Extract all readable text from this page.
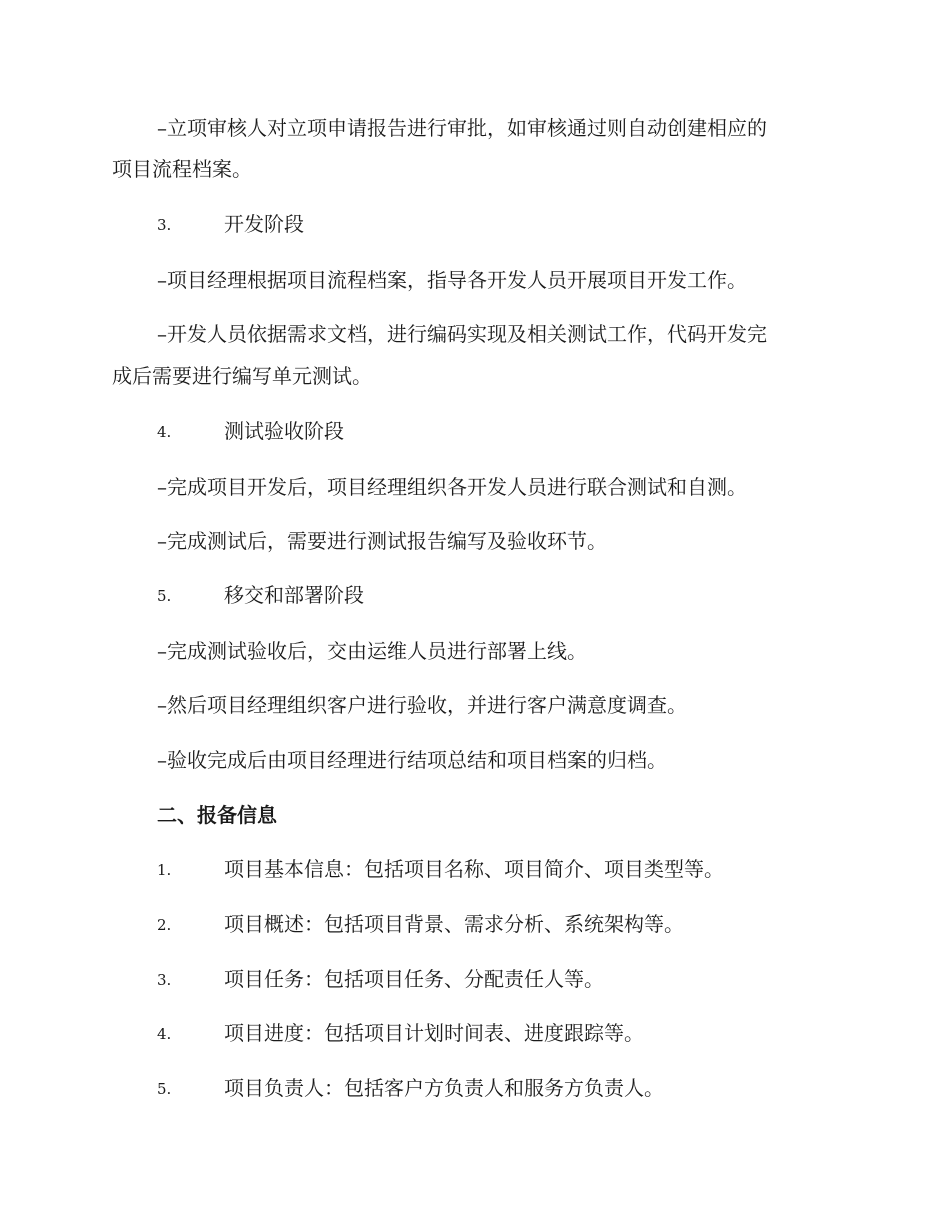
–立项审核人对立项申请报告进行审批，如审核通过则自动创建相应的
项目流程档案。
3.	开发阶段
–项目经理根据项目流程档案，指导各开发人员开展项目开发工作。
–开发人员依据需求文档，进行编码实现及相关测试工作，代码开发完
成后需要进行编写单元测试。
4.	测试验收阶段
–完成项目开发后，项目经理组织各开发人员进行联合测试和自测。
–完成测试后，需要进行测试报告编写及验收环节。
5.	移交和部署阶段
–完成测试验收后，交由运维人员进行部署上线。
–然后项目经理组织客户进行验收，并进行客户满意度调查。
–验收完成后由项目经理进行结项总结和项目档案的归档。
二、报备信息
1.	项目基本信息：包括项目名称、项目简介、项目类型等。
2.	项目概述：包括项目背景、需求分析、系统架构等。
3.	项目任务：包括项目任务、分配责任人等。
4.	项目进度：包括项目计划时间表、进度跟踪等。
5.	项目负责人：包括客户方负责人和服务方负责人。
